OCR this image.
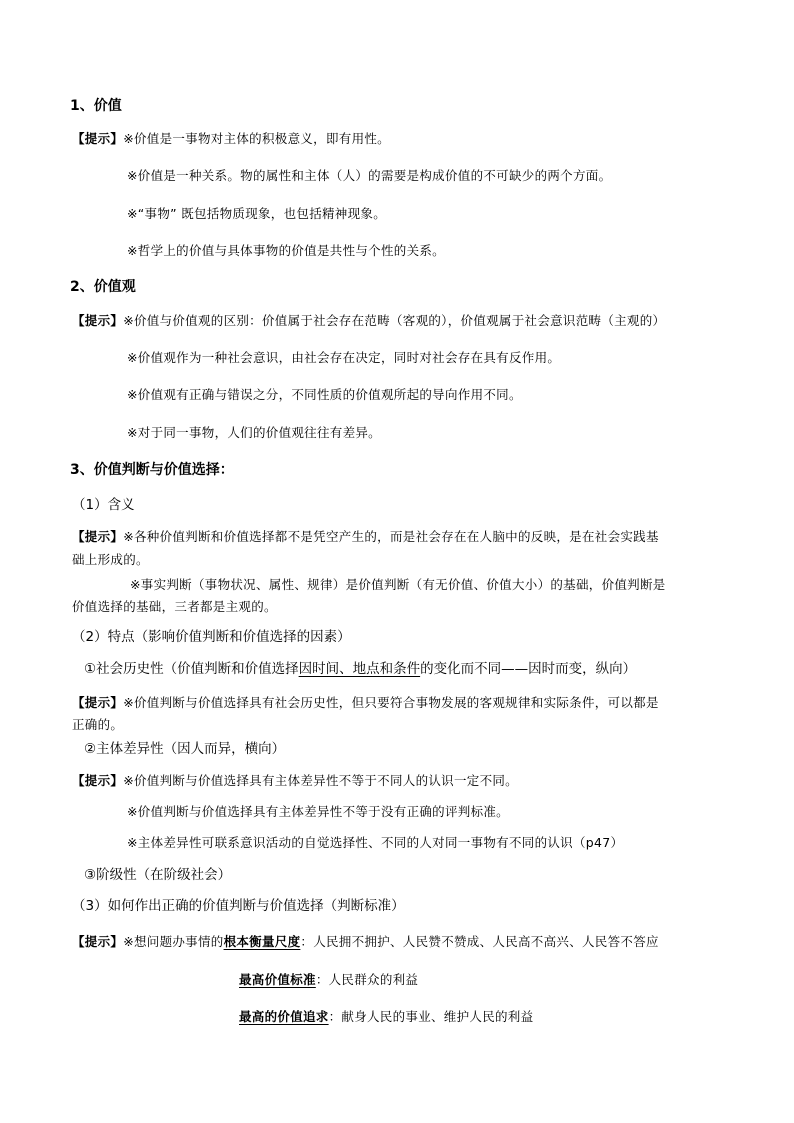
1、价值
【提示】※价值是一事物对主体的积极意义，即有用性。
※价值是一种关系。物的属性和主体（人）的需要是构成价值的不可缺少的两个方面。
※“事物” 既包括物质现象，也包括精神现象。
※哲学上的价值与具体事物的价值是共性与个性的关系。
2、价值观
【提示】※价值与价值观的区别：价值属于社会存在范畴（客观的），价值观属于社会意识范畴（主观的）
※价值观作为一种社会意识，由社会存在决定，同时对社会存在具有反作用。
※价值观有正确与错误之分，不同性质的价值观所起的导向作用不同。
※对于同一事物，人们的价值观往往有差异。
3、价值判断与价值选择：
（1）含义
【提示】※各种价值判断和价值选择都不是凭空产生的，而是社会存在在人脑中的反映，是在社会实践基
础上形成的。
※事实判断（事物状况、属性、规律）是价值判断（有无价值、价值大小）的基础，价值判断是
价值选择的基础，三者都是主观的。
（2）特点（影响价值判断和价值选择的因素）
①社会历史性（价值判断和价值选择因时间、地点和条件的变化而不同——因时而变，纵向）
【提示】※价值判断与价值选择具有社会历史性，但只要符合事物发展的客观规律和实际条件，可以都是
正确的。
②主体差异性（因人而异，横向）
【提示】※价值判断与价值选择具有主体差异性不等于不同人的认识一定不同。
※价值判断与价值选择具有主体差异性不等于没有正确的评判标准。
※主体差异性可联系意识活动的自觉选择性、不同的人对同一事物有不同的认识（p47）
③阶级性（在阶级社会）
（3）如何作出正确的价值判断与价值选择（判断标准）
【提示】※想问题办事情的根本衡量尺度：人民拥不拥护、人民赞不赞成、人民高不高兴、人民答不答应
最高价值标准：人民群众的利益
最高的价值追求：献身人民的事业、维护人民的利益
